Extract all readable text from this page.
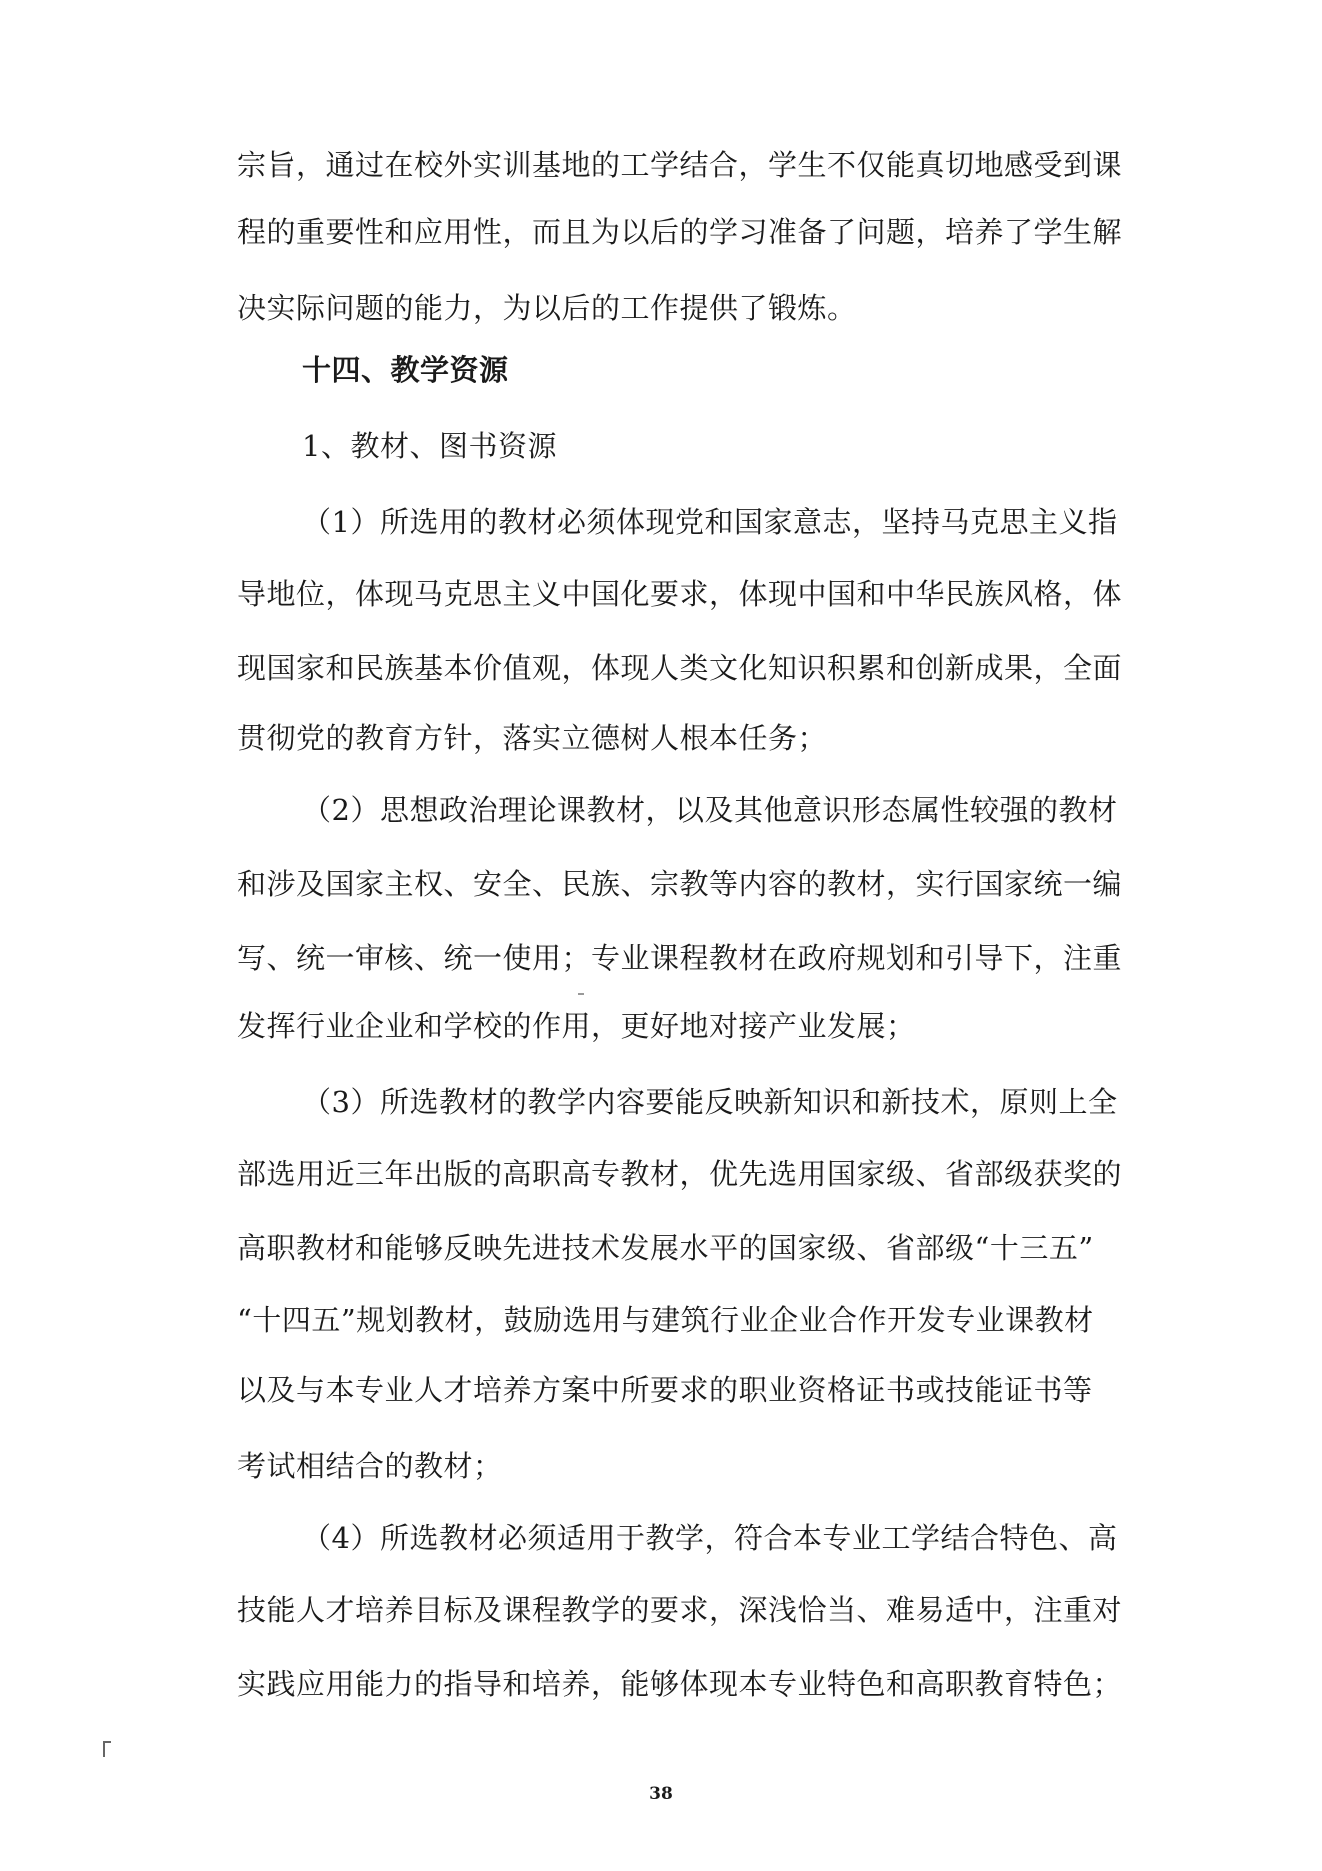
宗旨，通过在校外实训基地的工学结合，学生不仅能真切地感受到课
程的重要性和应用性，而且为以后的学习准备了问题，培养了学生解
决实际问题的能力，为以后的工作提供了锻炼。
十四、教学资源
1、教材、图书资源
（1）所选用的教材必须体现党和国家意志，坚持马克思主义指
导地位，体现马克思主义中国化要求，体现中国和中华民族风格，体
现国家和民族基本价值观，体现人类文化知识积累和创新成果，全面
贯彻党的教育方针，落实立德树人根本任务；
（2）思想政治理论课教材，以及其他意识形态属性较强的教材
和涉及国家主权、安全、民族、宗教等内容的教材，实行国家统一编
写、统一审核、统一使用；专业课程教材在政府规划和引导下，注重
发挥行业企业和学校的作用，更好地对接产业发展；
（3）所选教材的教学内容要能反映新知识和新技术，原则上全
部选用近三年出版的高职高专教材，优先选用国家级、省部级获奖的
高职教材和能够反映先进技术发展水平的国家级、省部级“十三五”
“十四五”规划教材，鼓励选用与建筑行业企业合作开发专业课教材
以及与本专业人才培养方案中所要求的职业资格证书或技能证书等
考试相结合的教材；
（4）所选教材必须适用于教学，符合本专业工学结合特色、高
技能人才培养目标及课程教学的要求，深浅恰当、难易适中，注重对
实践应用能力的指导和培养，能够体现本专业特色和高职教育特色；
38
